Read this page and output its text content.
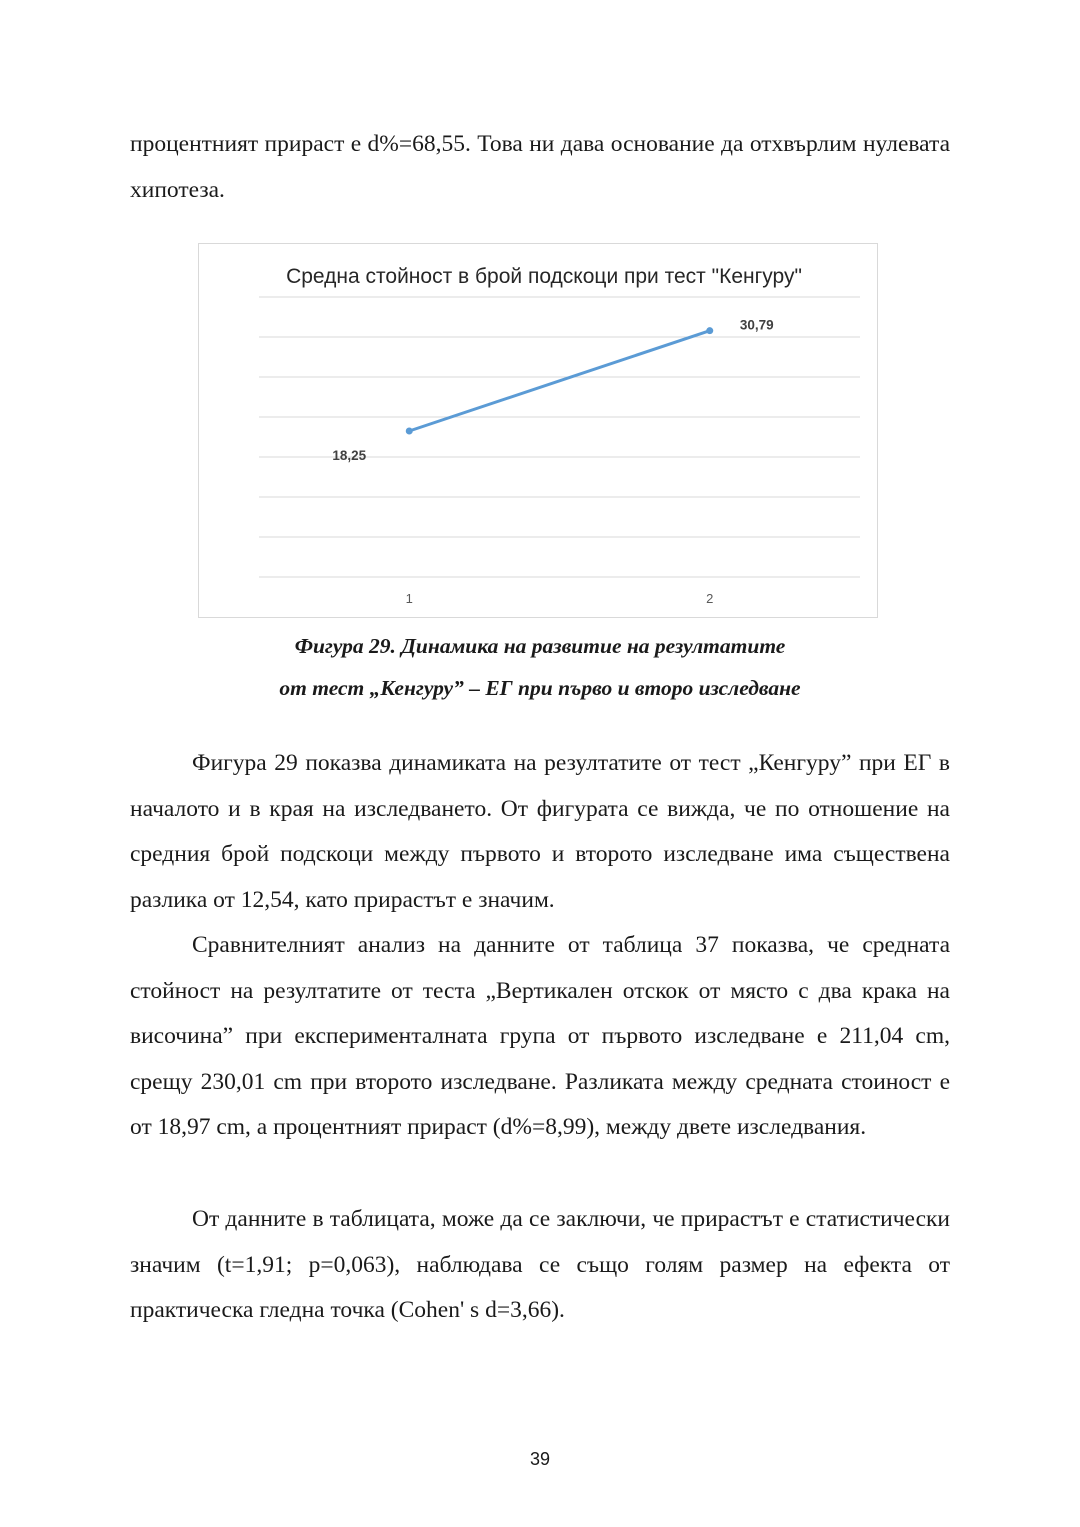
процентният прираст е d%=68,55. Това ни дава основание да отхвърлим нулевата хипотеза.

Средна стойност в брой подскоци при тест "Кенгуру"
18,25
30,79
1	2

Фигура 29. Динамика на развитие на резултатите

от тест „Кенгуру” – ЕГ при първо и второ изследване

Фигура 29 показва динамиката на резултатите от тест „Кенгуру” при ЕГ в началото и в края на изследването. От фигурата се вижда, че по отношение на средния брой подскоци между първото и второто изследване има съществена разлика от 12,54, като прирастът е значим.

Сравнителният анализ на данните от таблица 37 показва, че средната стойност на резултатите от теста „Вертикален отскок от място с два крака на височина” при експерименталната група от първото изследване е 211,04 cm, срещу 230,01 cm при второто изследване. Разликата между средната стоиност е от 18,97 cm, а процентният прираст (d%=8,99), между двете изследвания.

От данните в таблицата, може да се заключи, че прирастът е статистически значим (t=1,91; p=0,063), наблюдава се също голям размер на ефекта от практическа гледна точка (Cohen' s d=3,66).

39
